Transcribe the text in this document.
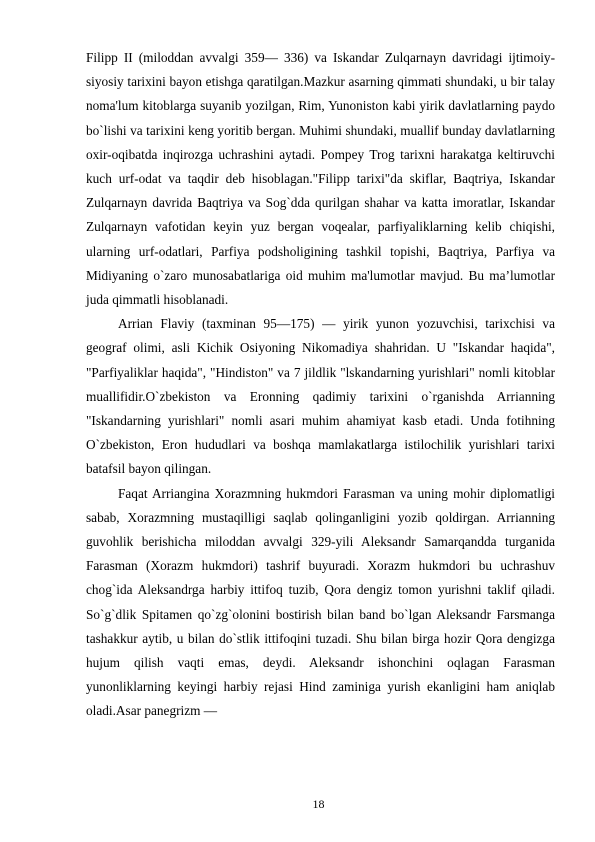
Filipp II (miloddan avvalgi 359— 336) va Iskandar Zulqarnayn davridagi ijtimoiy-siyosiy tarixini bayon etishga qaratilgan.Mazkur asarning qimmati shundaki, u bir talay noma'lum kitoblarga suyanib yozilgan, Rim, Yunoniston kabi yirik davlatlarning paydo bo`lishi va tarixini keng yoritib bergan. Muhimi shundaki, muallif bunday davlatlarning oxir-oqibatda inqirozga uchrashini aytadi. Pompey Trog tarixni harakatga keltiruvchi kuch urf-odat va taqdir deb hisoblagan."Filipp tarixi"da skiflar, Baqtriya, Iskandar Zulqarnayn davrida Baqtriya va Sog`dda qurilgan shahar va katta imoratlar, Iskandar Zulqarnayn vafotidan keyin yuz bergan voqealar, parfiyaliklarning kelib chiqishi, ularning urf-odatlari, Parfiya podsholigining tashkil topishi, Baqtriya, Parfiya va Midiyaning o`zaro munosabatlariga oid muhim ma'lumotlar mavjud. Bu ma’lumotlar juda qimmatli hisoblanadi.

Arrian Flaviy (taxminan 95—175) — yirik yunon yozuvchisi, tarixchisi va geograf olimi, asli Kichik Osiyoning Nikomadiya shahridan. U "Iskandar haqida", "Parfiyaliklar haqida", "Hindiston" va 7 jildlik "lskandarning yurishlari" nomli kitoblar muallifidir.O`zbekiston va Eronning qadimiy tarixini o`rganishda Arrianning "Iskandarning yurishlari" nomli asari muhim ahamiyat kasb etadi. Unda fotihning O`zbekiston, Eron hududlari va boshqa mamlakatlarga istilochilik yurishlari tarixi batafsil bayon qilingan.

Faqat Arriangina Xorazmning hukmdori Farasman va uning mohir diplomatligi sabab, Xorazmning mustaqilligi saqlab qolinganligini yozib qoldirgan. Arrianning guvohlik berishicha miloddan avvalgi 329-yili Aleksandr Samarqandda turganida Farasman (Xorazm hukmdori) tashrif buyuradi. Xorazm hukmdori bu uchrashuv chog`ida Aleksandrga harbiy ittifoq tuzib, Qora dengiz tomon yurishni taklif qiladi. So`g`dlik Spitamen qo`zg`olonini bostirish bilan band bo`lgan Aleksandr Farsmanga tashakkur aytib, u bilan do`stlik ittifoqini tuzadi. Shu bilan birga hozir Qora dengizga hujum qilish vaqti emas, deydi. Aleksandr ishonchini oqlagan Farasman yunonliklarning keyingi harbiy rejasi Hind zaminiga yurish ekanligini ham aniqlab oladi.Asar panegrizm —

18
